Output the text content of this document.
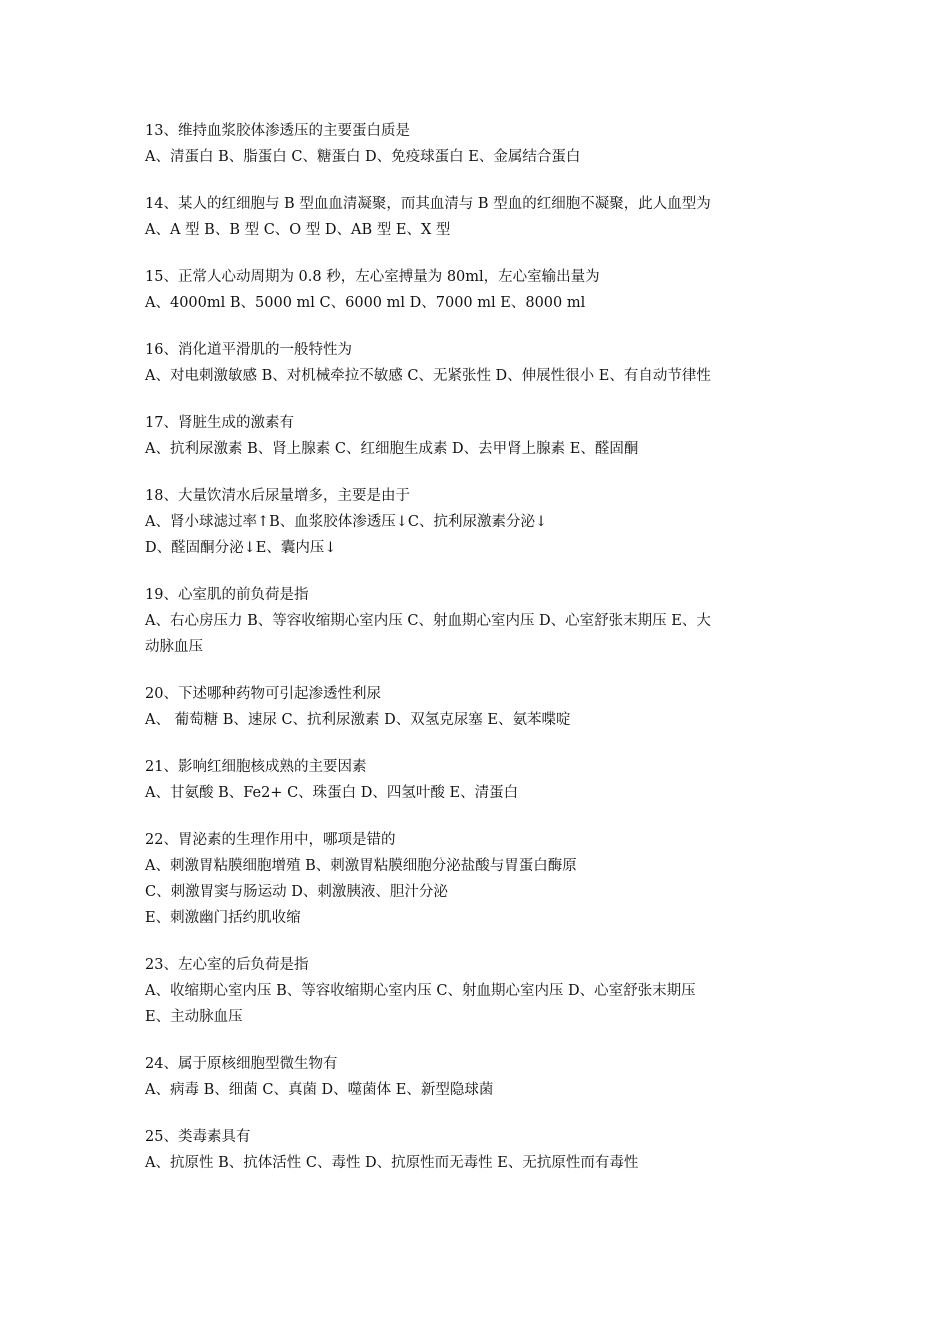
13、维持血浆胶体渗透压的主要蛋白质是
A、清蛋白 B、脂蛋白 C、糖蛋白 D、免疫球蛋白 E、金属结合蛋白
14、某人的红细胞与 B 型血血清凝聚，而其血清与 B 型血的红细胞不凝聚，此人血型为
A、A 型 B、B 型 C、O 型 D、AB 型 E、X 型
15、正常人心动周期为 0.8 秒，左心室搏量为 80ml，左心室输出量为
A、4000ml B、5000 ml C、6000 ml D、7000 ml E、8000 ml
16、消化道平滑肌的一般特性为
A、对电刺激敏感 B、对机械牵拉不敏感 C、无紧张性 D、伸展性很小 E、有自动节律性
17、肾脏生成的激素有
A、抗利尿激素 B、肾上腺素 C、红细胞生成素 D、去甲肾上腺素 E、醛固酮
18、大量饮清水后尿量增多，主要是由于
A、肾小球滤过率↑B、血浆胶体渗透压↓C、抗利尿激素分泌↓
D、醛固酮分泌↓E、囊内压↓
19、心室肌的前负荷是指
A、右心房压力 B、等容收缩期心室内压 C、射血期心室内压 D、心室舒张末期压 E、大
动脉血压
20、下述哪种药物可引起渗透性利尿
A、 葡萄糖 B、速尿 C、抗利尿激素 D、双氢克尿塞 E、氨苯喋啶
21、影响红细胞核成熟的主要因素
A、甘氨酸 B、Fe2+ C、珠蛋白 D、四氢叶酸 E、清蛋白
22、胃泌素的生理作用中，哪项是错的
A、刺激胃粘膜细胞增殖 B、刺激胃粘膜细胞分泌盐酸与胃蛋白酶原
C、刺激胃窦与肠运动 D、刺激胰液、胆汁分泌
E、刺激幽门括约肌收缩
23、左心室的后负荷是指
A、收缩期心室内压 B、等容收缩期心室内压 C、射血期心室内压 D、心室舒张末期压
E、主动脉血压
24、属于原核细胞型微生物有
A、病毒 B、细菌 C、真菌 D、噬菌体 E、新型隐球菌
25、类毒素具有
A、抗原性 B、抗体活性 C、毒性 D、抗原性而无毒性 E、无抗原性而有毒性
